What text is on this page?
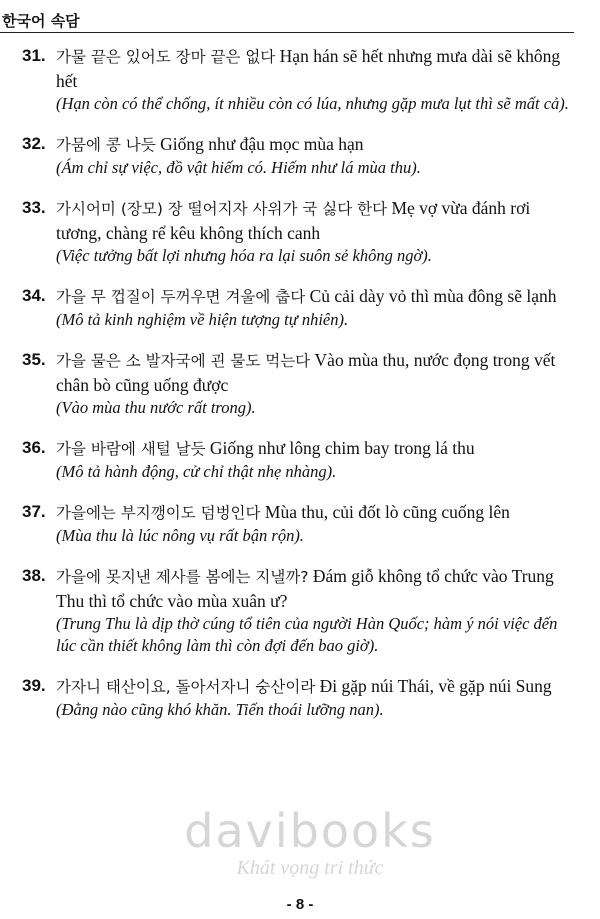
한국어 속담
31. 가물 끝은 있어도 장마 끝은 없다 Hạn hán sẽ hết nhưng mưa dài sẽ không hết
(Hạn còn có thể chống, ít nhiều còn có lúa, nhưng gặp mưa lụt thì sẽ mất cả).
32. 가뭄에 콩 나듯 Giống như đậu mọc mùa hạn
(Ám chỉ sự việc, đồ vật hiếm có. Hiếm như lá mùa thu).
33. 가시어미 (장모) 장 떨어지자 사위가 국 싫다 한다 Mẹ vợ vừa đánh rơi tương, chàng rể kêu không thích canh
(Việc tưởng bất lợi nhưng hóa ra lại suôn sẻ không ngờ).
34. 가을 무 껍질이 두꺼우면 겨울에 춥다 Củ cải dày vỏ thì mùa đông sẽ lạnh
(Mô tả kinh nghiệm về hiện tượng tự nhiên).
35. 가을 물은 소 발자국에 괸 물도 먹는다 Vào mùa thu, nước đọng trong vết chân bò cũng uống được
(Vào mùa thu nước rất trong).
36. 가을 바람에 새털 날듯 Giống như lông chim bay trong lá thu
(Mô tả hành động, cử chỉ thật nhẹ nhàng).
37. 가을에는 부지깽이도 덤벙인다 Mùa thu, củi đốt lò cũng cuống lên
(Mùa thu là lúc nông vụ rất bận rộn).
38. 가을에 못지낸 제사를 봄에는 지낼까? Đám giỗ không tổ chức vào Trung Thu thì tổ chức vào mùa xuân ư?
(Trung Thu là dịp thờ cúng tổ tiên của người Hàn Quốc; hàm ý nói việc đến lúc cần thiết không làm thì còn đợi đến bao giờ).
39. 가자니 태산이요, 돌아서자니 숭산이라 Đi gặp núi Thái, về gặp núi Sung
(Đằng nào cũng khó khăn. Tiến thoái lưỡng nan).
davibooks
Khát vọng tri thức
- 8 -
